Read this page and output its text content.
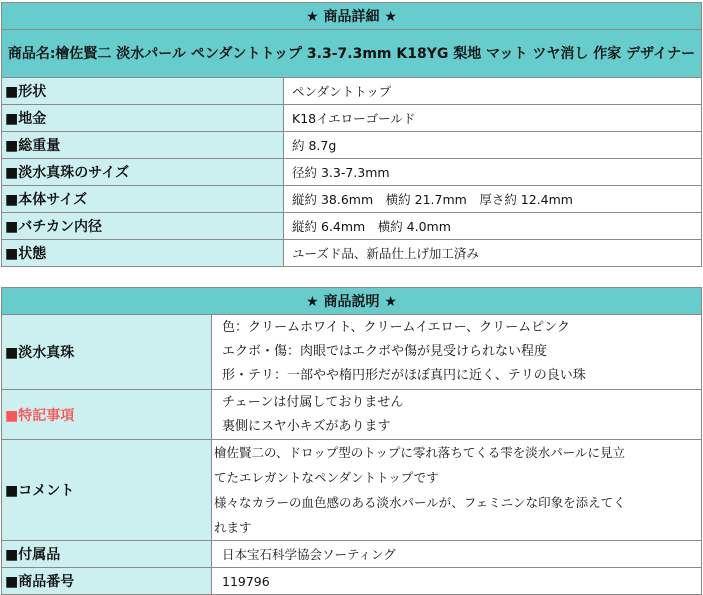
★ 商品詳細 ★	
商品名:檜佐賢二 淡水パール ペンダントトップ 3.3-7.3mm K18YG 梨地 マット ツヤ消し 作家 デザイナー	
■形状	ペンダントトップ
■地金	K18イエローゴールド
■総重量	約 8.7g
■淡水真珠のサイズ	径約 3.3-7.3mm
■本体サイズ	縦約 38.6mm　横約 21.7mm　厚さ約 12.4mm
■バチカン内径	縦約 6.4mm　横約 4.0mm
■状態	ユーズド品、新品仕上げ加工済み
★ 商品説明 ★	
■淡水真珠	色：クリームホワイト、クリームイエロー、クリームピンク
エクボ・傷：肉眼ではエクボや傷が見受けられない程度
形・テリ：一部やや楕円形だがほぼ真円に近く、テリの良い珠

■特記事項	チェーンは付属しておりません
裏側にスヤ小キズがあります

■コメント	檜佐賢二の、ドロップ型のトップに零れ落ちてくる雫を淡水パールに見立
てたエレガントなペンダントトップです
様々なカラーの血色感のある淡水パールが、フェミニンな印象を添えてく
れます

■付属品	日本宝石科学協会ソーティング
■商品番号	119796
